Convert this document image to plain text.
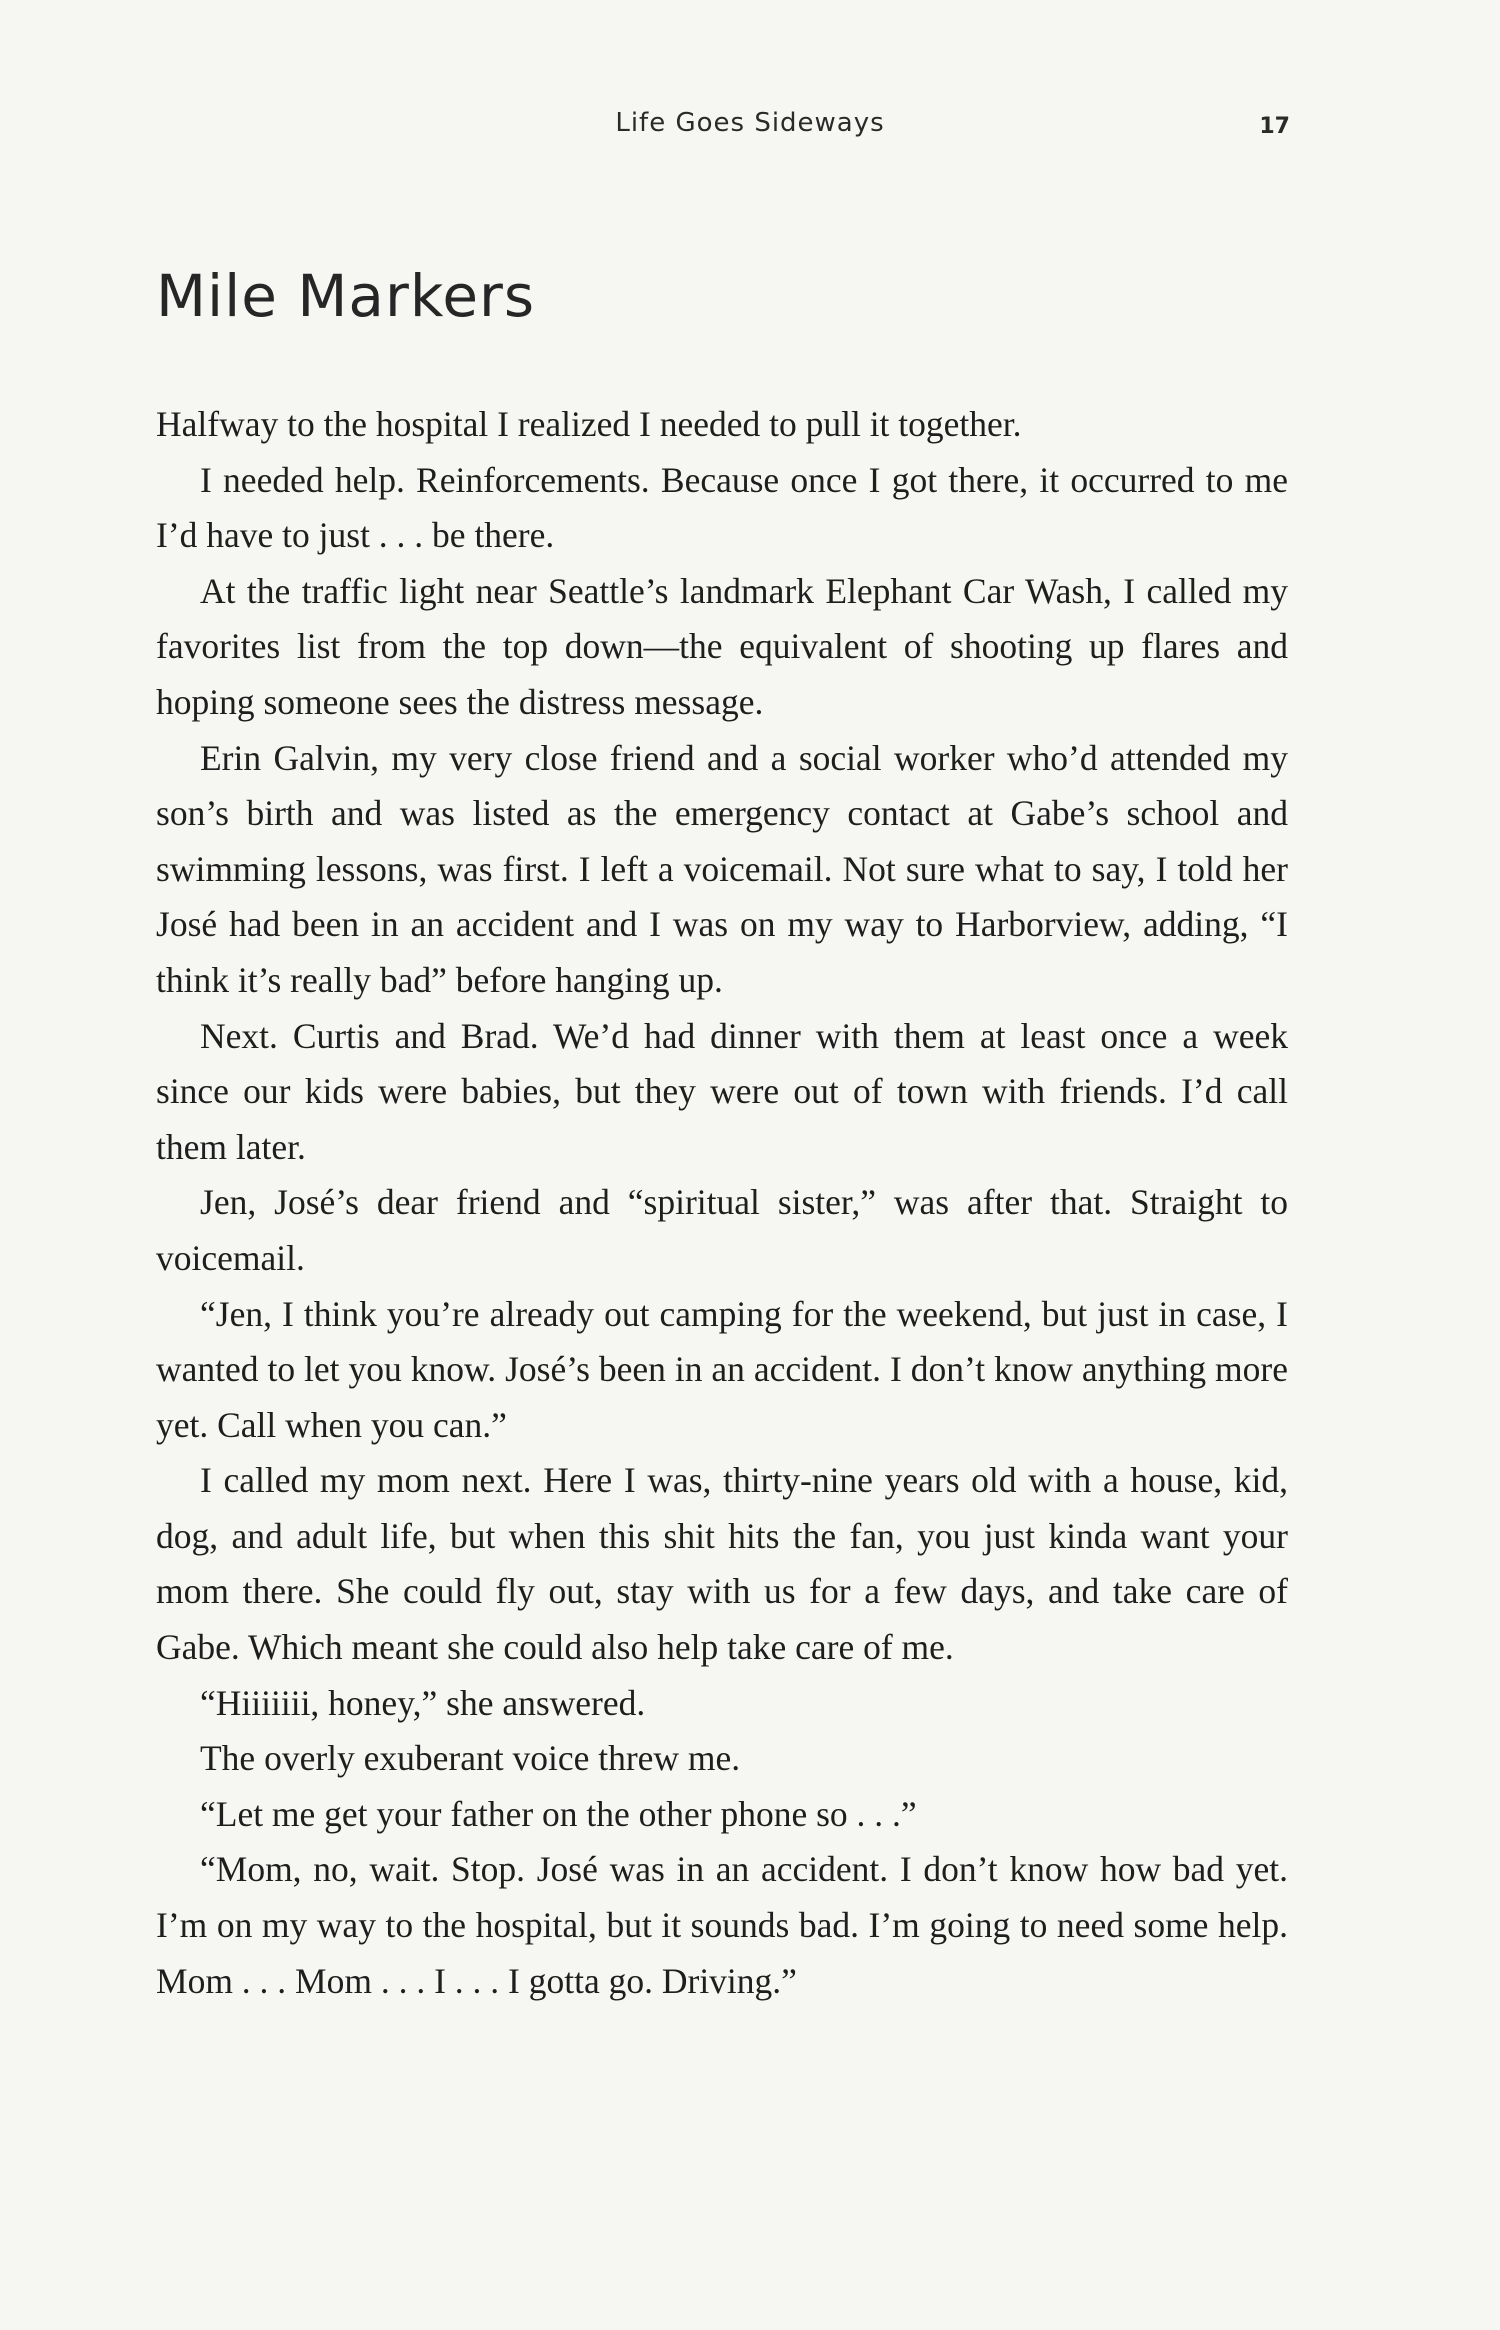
Life Goes Sideways	17
Mile Markers

Halfway to the hospital I realized I needed to pull it together.

I needed help. Reinforcements. Because once I got there, it occurred to me I’d have to just . . . be there.

At the traffic light near Seattle’s landmark Elephant Car Wash, I called my favorites list from the top down—the equivalent of shooting up flares and hoping someone sees the distress message.

Erin Galvin, my very close friend and a social worker who’d attended my son’s birth and was listed as the emergency contact at Gabe’s school and swimming lessons, was first. I left a voicemail. Not sure what to say, I told her José had been in an accident and I was on my way to Harborview, adding, “I think it’s really bad” before hanging up.

Next. Curtis and Brad. We’d had dinner with them at least once a week since our kids were babies, but they were out of town with friends. I’d call them later.

Jen, José’s dear friend and “spiritual sister,” was after that. Straight to voicemail.

“Jen, I think you’re already out camping for the weekend, but just in case, I wanted to let you know. José’s been in an accident. I don’t know anything more yet. Call when you can.”

I called my mom next. Here I was, thirty-nine years old with a house, kid, dog, and adult life, but when this shit hits the fan, you just kinda want your mom there. She could fly out, stay with us for a few days, and take care of Gabe. Which meant she could also help take care of me.

“Hiiiiiii, honey,” she answered.

The overly exuberant voice threw me.

“Let me get your father on the other phone so . . .”

“Mom, no, wait. Stop. José was in an accident. I don’t know how bad yet. I’m on my way to the hospital, but it sounds bad. I’m going to need some help. Mom . . . Mom . . . I . . . I gotta go. Driving.”
